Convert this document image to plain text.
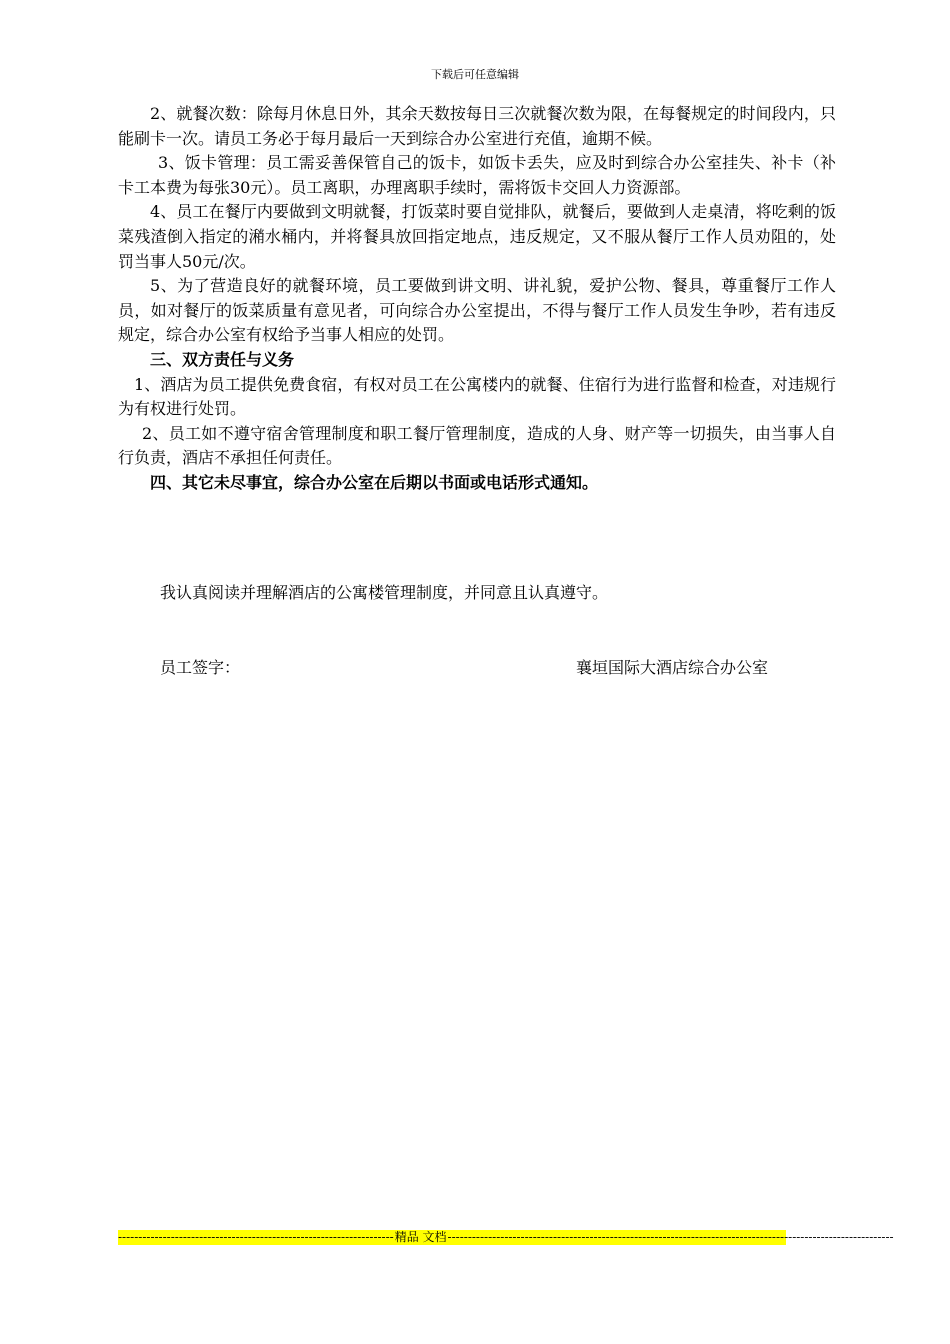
下载后可任意编辑

2、就餐次数：除每月休息日外，其余天数按每日三次就餐次数为限，在每餐规定的时间段内，只能刷卡一次。请员工务必于每月最后一天到综合办公室进行充值，逾期不候。

3、饭卡管理：员工需妥善保管自己的饭卡，如饭卡丢失，应及时到综合办公室挂失、补卡（补卡工本费为每张30元）。员工离职，办理离职手续时，需将饭卡交回人力资源部。

4、员工在餐厅内要做到文明就餐，打饭菜时要自觉排队，就餐后，要做到人走桌清，将吃剩的饭菜残渣倒入指定的潲水桶内，并将餐具放回指定地点，违反规定，又不服从餐厅工作人员劝阻的，处罚当事人50元/次。

5、为了营造良好的就餐环境，员工要做到讲文明、讲礼貌，爱护公物、餐具，尊重餐厅工作人员，如对餐厅的饭菜质量有意见者，可向综合办公室提出，不得与餐厅工作人员发生争吵，若有违反规定，综合办公室有权给予当事人相应的处罚。

三、双方责任与义务

1、酒店为员工提供免费食宿，有权对员工在公寓楼内的就餐、住宿行为进行监督和检查，对违规行为有权进行处罚。

2、员工如不遵守宿舍管理制度和职工餐厅管理制度，造成的人身、财产等一切损失，由当事人自行负责，酒店不承担任何责任。

四、其它未尽事宜，综合办公室在后期以书面或电话形式通知。

我认真阅读并理解酒店的公寓楼管理制度，并同意且认真遵守。
员工签字：	襄垣国际大酒店综合办公室
-------------------------------------------------------------------- 精品 文档 --------------------------------------------------------------------------------------------------------------
